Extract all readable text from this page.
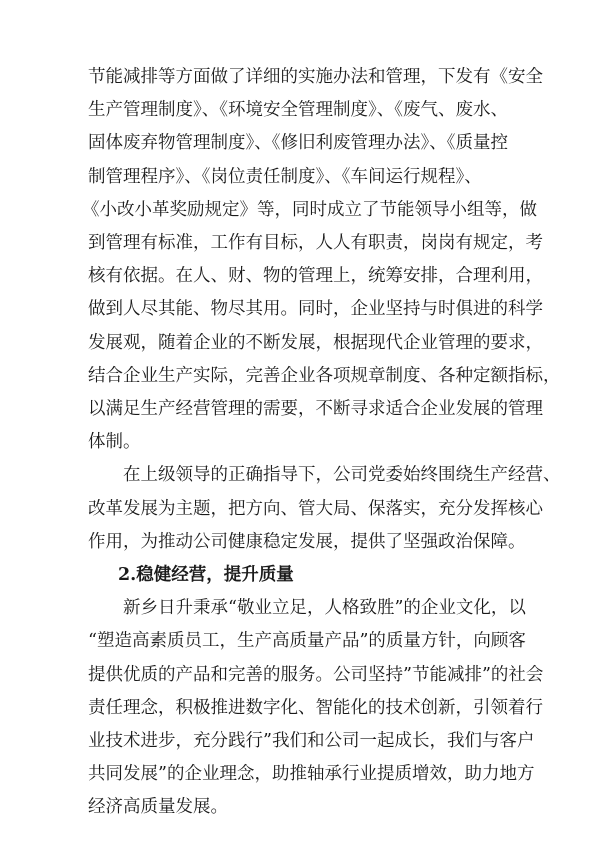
节能减排等方面做了详细的实施办法和管理，下发有《安全
生产管理制度》、《环境安全管理制度》、《废气、废水、
固体废弃物管理制度》、《修旧利废管理办法》、《质量控
制管理程序》、《岗位责任制度》、《车间运行规程》、
《小改小革奖励规定》等，同时成立了节能领导小组等，做
到管理有标准，工作有目标，人人有职责，岗岗有规定，考
核有依据。在人、财、物的管理上，统筹安排，合理利用，
做到人尽其能、物尽其用。同时，企业坚持与时俱进的科学
发展观，随着企业的不断发展，根据现代企业管理的要求，
结合企业生产实际，完善企业各项规章制度、各种定额指标，
以满足生产经营管理的需要，不断寻求适合企业发展的管理
体制。
在上级领导的正确指导下，公司党委始终围绕生产经营、
改革发展为主题，把方向、管大局、保落实，充分发挥核心
作用，为推动公司健康稳定发展，提供了坚强政治保障。
2.稳健经营，提升质量
新乡日升秉承“敬业立足，人格致胜”的企业文化，以
“塑造高素质员工，生产高质量产品”的质量方针，向顾客
提供优质的产品和完善的服务。公司坚持”节能减排”的社会
责任理念，积极推进数字化、智能化的技术创新，引领着行
业技术进步，充分践行”我们和公司一起成长，我们与客户
共同发展”的企业理念，助推轴承行业提质增效，助力地方
经济高质量发展。
